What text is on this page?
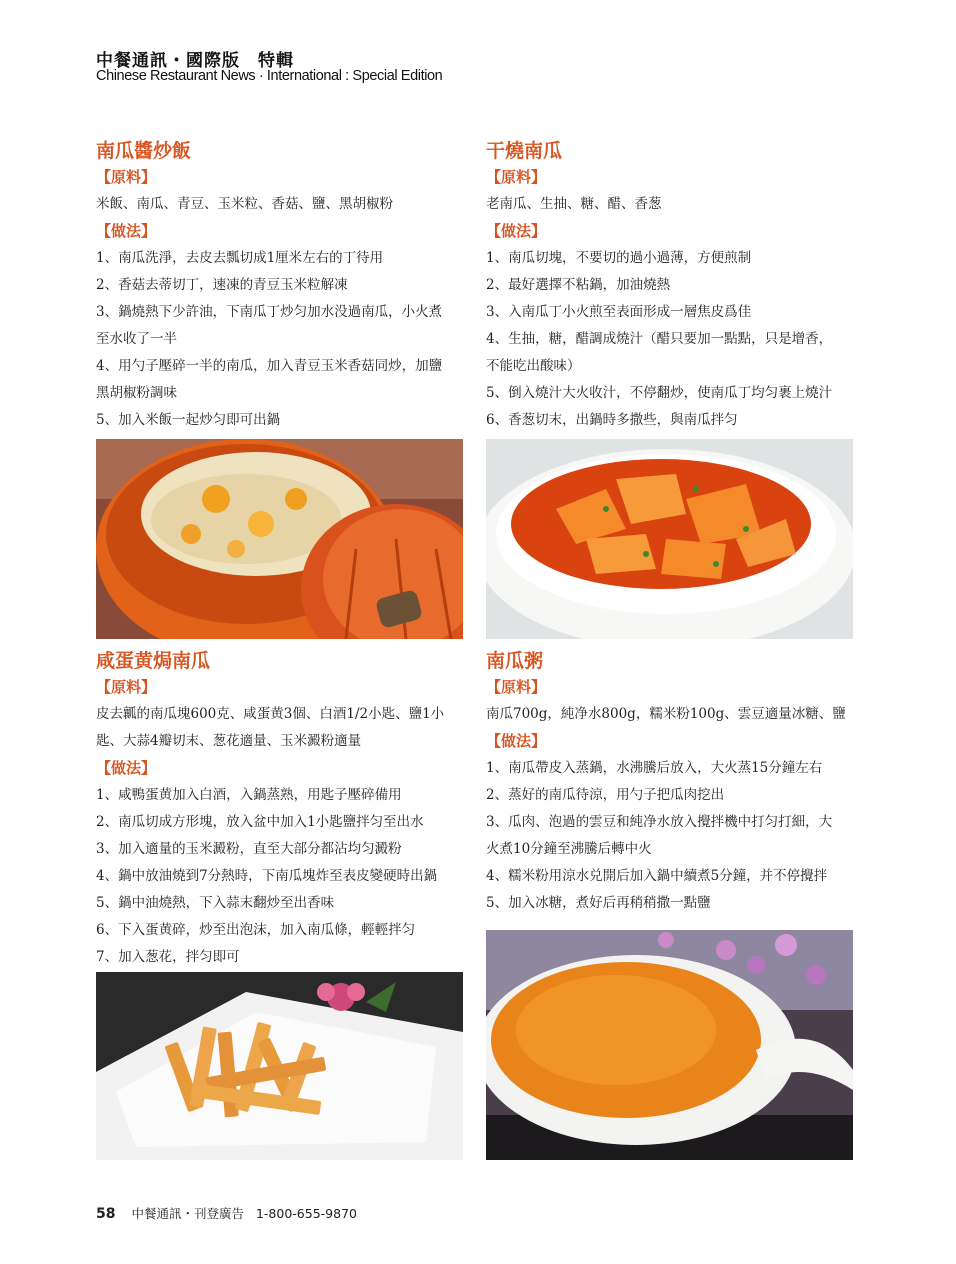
中餐通訊・國際版　特輯
Chinese Restaurant News · International : Special Edition
南瓜醬炒飯
【原料】
米飯、南瓜、青豆、玉米粒、香菇、鹽、黑胡椒粉
【做法】
1、南瓜洗淨，去皮去瓢切成1厘米左右的丁待用
2、香菇去蒂切丁，速凍的青豆玉米粒解凍
3、鍋燒熱下少許油，下南瓜丁炒匀加水没過南瓜，小火煮
至水收了一半
4、用勺子壓碎一半的南瓜，加入青豆玉米香菇同炒，加鹽
黑胡椒粉調味
5、加入米飯一起炒匀即可出鍋
干燒南瓜
【原料】
老南瓜、生抽、糖、醋、香葱
【做法】
1、南瓜切塊，不要切的過小過薄，方便煎制
2、最好選擇不粘鍋，加油燒熱
3、入南瓜丁小火煎至表面形成一層焦皮爲佳
4、生抽，糖，醋調成燒汁（醋只要加一點點，只是增香，
不能吃出酸味）
5、倒入燒汁大火收汁，不停翻炒，使南瓜丁均匀裹上燒汁
6、香葱切末，出鍋時多撒些，與南瓜拌匀
咸蛋黄焗南瓜
【原料】
皮去瓤的南瓜塊600克、咸蛋黄3個、白酒1/2小匙、鹽1小
匙、大蒜4瓣切末、葱花適量、玉米澱粉適量
【做法】
1、咸鴨蛋黄加入白酒，入鍋蒸熟，用匙子壓碎備用
2、南瓜切成方形塊，放入盆中加入1小匙鹽拌匀至出水
3、加入適量的玉米澱粉，直至大部分都沾均匀澱粉
4、鍋中放油燒到7分熱時，下南瓜塊炸至表皮變硬時出鍋
5、鍋中油燒熱，下入蒜末翻炒至出香味
6、下入蛋黄碎，炒至出泡沫，加入南瓜條，輕輕拌匀
7、加入葱花，拌匀即可
南瓜粥
【原料】
南瓜700g，純净水800g，糯米粉100g、雲豆適量冰糖、鹽
【做法】
1、南瓜帶皮入蒸鍋，水沸騰后放入，大火蒸15分鐘左右
2、蒸好的南瓜待涼，用勺子把瓜肉挖出
3、瓜肉、泡過的雲豆和純净水放入攪拌機中打匀打細，大
火煮10分鐘至沸騰后轉中火
4、糯米粉用涼水兑開后加入鍋中續煮5分鐘，并不停攪拌
5、加入冰糖，煮好后再稍稍撒一點鹽
58 中餐通訊・刊登廣告 1-800-655-9870
